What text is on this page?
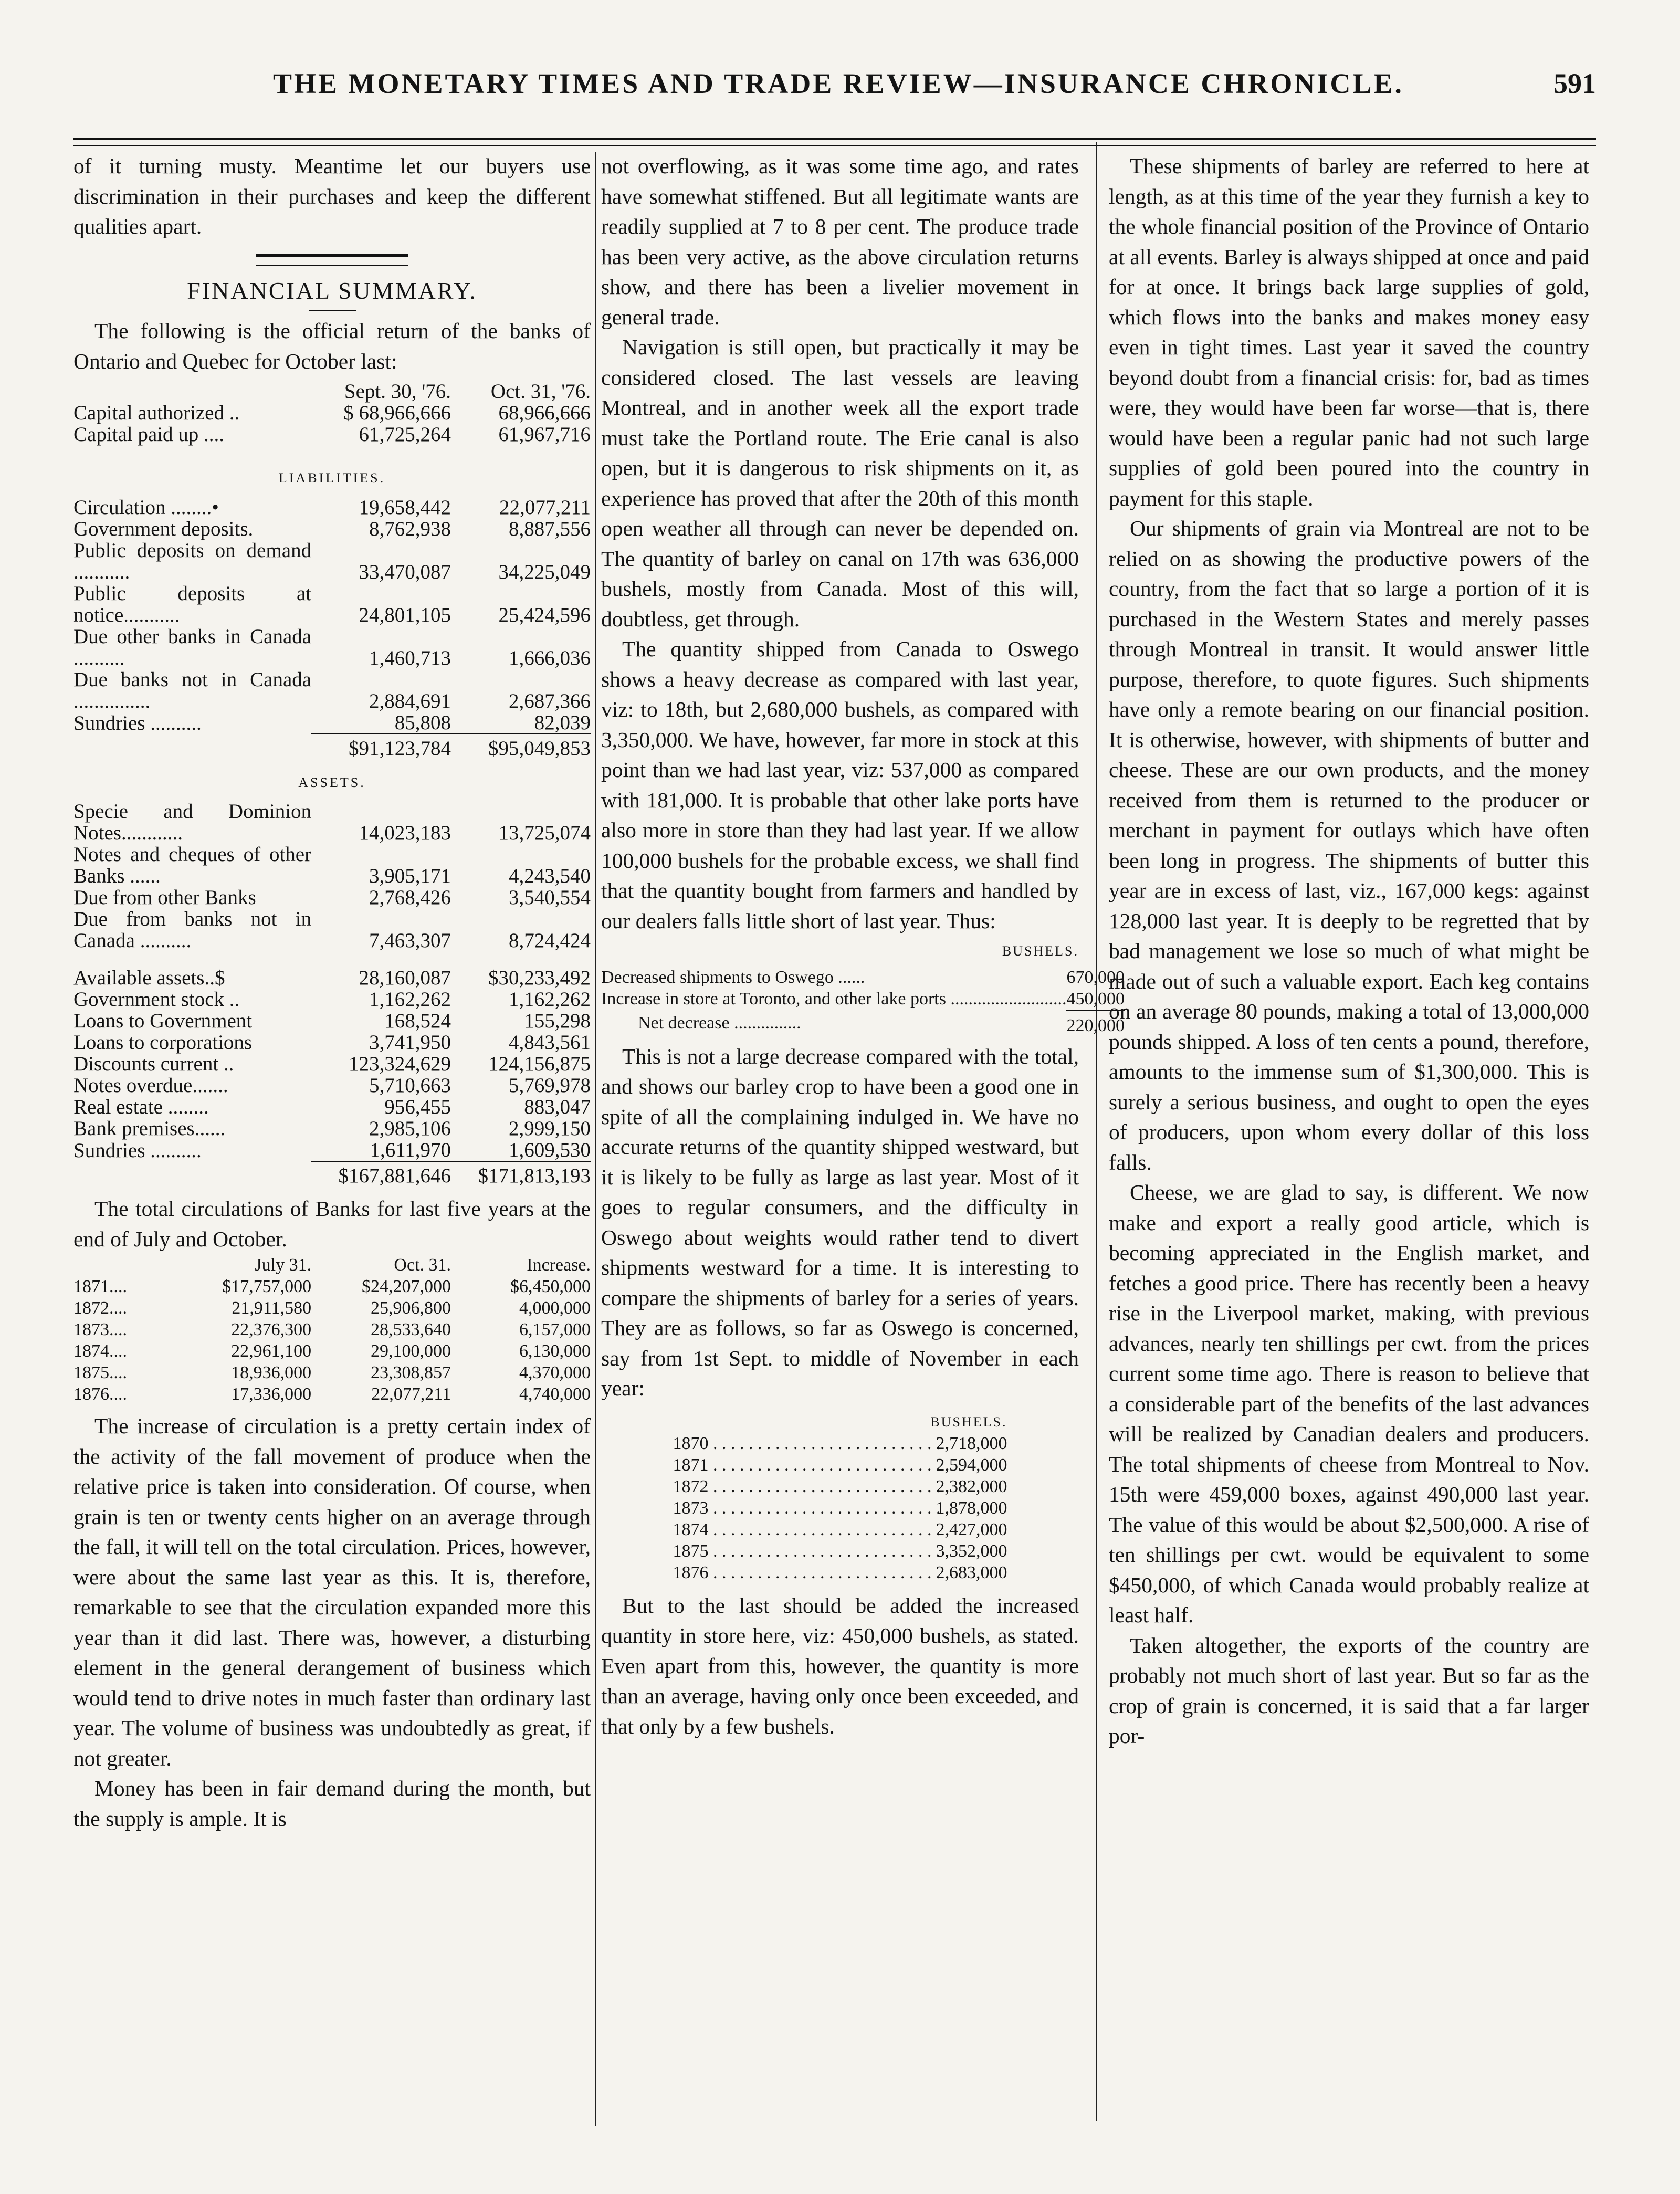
THE MONETARY TIMES AND TRADE REVIEW—INSURANCE CHRONICLE.	591

of it turning musty. Meantime let our buyers use discrimination in their purchases and keep the different qualities apart.

FINANCIAL SUMMARY.

The following is the official return of the banks of Ontario and Quebec for October last:

	Sept. 30, '76.	Oct. 31, '76.
Capital authorized ..	$ 68,966,666	68,966,666
Capital paid up ....	61,725,264	61,967,716
LIABILITIES.
Circulation ........•	19,658,442	22,077,211
Government deposits.	8,762,938	8,887,556
Public deposits on demand ...........	33,470,087	34,225,049
Public deposits at notice...........	24,801,105	25,424,596
Due other banks in Canada ..........	1,460,713	1,666,036
Due banks not in Canada ...............	2,884,691	2,687,366
Sundries ..........	85,808	82,039
	$91,123,784	$95,049,853
ASSETS.
Specie and Dominion Notes............	14,023,183	13,725,074
Notes and cheques of other Banks ......	3,905,171	4,243,540
Due from other Banks	2,768,426	3,540,554
Due from banks not in Canada ..........	7,463,307	8,724,424
Available assets..$	28,160,087	$30,233,492
Government stock ..	1,162,262	1,162,262
Loans to Government	168,524	155,298
Loans to corporations	3,741,950	4,843,561
Discounts current ..	123,324,629	124,156,875
Notes overdue.......	5,710,663	5,769,978
Real estate ........	956,455	883,047
Bank premises......	2,985,106	2,999,150
Sundries ..........	1,611,970	1,609,530
	$167,881,646	$171,813,193

The total circulations of Banks for last five years at the end of July and October.

	July 31.	Oct. 31.	Increase.
1871....	$17,757,000	$24,207,000	$6,450,000
1872....	21,911,580	25,906,800	4,000,000
1873....	22,376,300	28,533,640	6,157,000
1874....	22,961,100	29,100,000	6,130,000
1875....	18,936,000	23,308,857	4,370,000
1876....	17,336,000	22,077,211	4,740,000

The increase of circulation is a pretty certain index of the activity of the fall movement of produce when the relative price is taken into consideration. Of course, when grain is ten or twenty cents higher on an average through the fall, it will tell on the total circulation. Prices, however, were about the same last year as this. It is, therefore, remarkable to see that the circulation expanded more this year than it did last. There was, however, a disturbing element in the general derangement of business which would tend to drive notes in much faster than ordinary last year. The volume of business was undoubtedly as great, if not greater.

Money has been in fair demand during the month, but the supply is ample. It is

not overflowing, as it was some time ago, and rates have somewhat stiffened. But all legitimate wants are readily supplied at 7 to 8 per cent. The produce trade has been very active, as the above circulation returns show, and there has been a livelier movement in general trade.

Navigation is still open, but practically it may be considered closed. The last vessels are leaving Montreal, and in another week all the export trade must take the Portland route. The Erie canal is also open, but it is dangerous to risk shipments on it, as experience has proved that after the 20th of this month open weather all through can never be depended on. The quantity of barley on canal on 17th was 636,000 bushels, mostly from Canada. Most of this will, doubtless, get through.

The quantity shipped from Canada to Oswego shows a heavy decrease as compared with last year, viz: to 18th, but 2,680,000 bushels, as compared with 3,350,000. We have, however, far more in stock at this point than we had last year, viz: 537,000 as compared with 181,000. It is probable that other lake ports have also more in store than they had last year. If we allow 100,000 bushels for the probable excess, we shall find that the quantity bought from farmers and handled by our dealers falls little short of last year. Thus:

BUSHELS.
Decreased shipments to Oswego ......	670,000
Increase in store at Toronto, and other lake ports ..........................	450,000
Net decrease ...............	220,000

This is not a large decrease compared with the total, and shows our barley crop to have been a good one in spite of all the complaining indulged in. We have no accurate returns of the quantity shipped westward, but it is likely to be fully as large as last year. Most of it goes to regular consumers, and the difficulty in Oswego about weights would rather tend to divert shipments westward for a time. It is interesting to compare the shipments of barley for a series of years. They are as follows, so far as Oswego is concerned, say from 1st Sept. to middle of November in each year:

		BUSHELS.
1870	. . . . . . . . . . . . . . . . . . . . . . . . . . .	2,718,000
1871	. . . . . . . . . . . . . . . . . . . . . . . . . . .	2,594,000
1872	. . . . . . . . . . . . . . . . . . . . . . . . . . .	2,382,000
1873	. . . . . . . . . . . . . . . . . . . . . . . . . . .	1,878,000
1874	. . . . . . . . . . . . . . . . . . . . . . . . . . .	2,427,000
1875	. . . . . . . . . . . . . . . . . . . . . . . . . . .	3,352,000
1876	. . . . . . . . . . . . . . . . . . . . . . . . . . .	2,683,000

But to the last should be added the increased quantity in store here, viz: 450,000 bushels, as stated. Even apart from this, however, the quantity is more than an average, having only once been exceeded, and that only by a few bushels.

These shipments of barley are referred to here at length, as at this time of the year they furnish a key to the whole financial position of the Province of Ontario at all events. Barley is always shipped at once and paid for at once. It brings back large supplies of gold, which flows into the banks and makes money easy even in tight times. Last year it saved the country beyond doubt from a financial crisis: for, bad as times were, they would have been far worse—that is, there would have been a regular panic had not such large supplies of gold been poured into the country in payment for this staple.

Our shipments of grain via Montreal are not to be relied on as showing the productive powers of the country, from the fact that so large a portion of it is purchased in the Western States and merely passes through Montreal in transit. It would answer little purpose, therefore, to quote figures. Such shipments have only a remote bearing on our financial position. It is otherwise, however, with shipments of butter and cheese. These are our own products, and the money received from them is returned to the producer or merchant in payment for outlays which have often been long in progress. The shipments of butter this year are in excess of last, viz., 167,000 kegs: against 128,000 last year. It is deeply to be regretted that by bad management we lose so much of what might be made out of such a valuable export. Each keg contains on an average 80 pounds, making a total of 13,000,000 pounds shipped. A loss of ten cents a pound, therefore, amounts to the immense sum of $1,300,000. This is surely a serious business, and ought to open the eyes of producers, upon whom every dollar of this loss falls.

Cheese, we are glad to say, is different. We now make and export a really good article, which is becoming appreciated in the English market, and fetches a good price. There has recently been a heavy rise in the Liverpool market, making, with previous advances, nearly ten shillings per cwt. from the prices current some time ago. There is reason to believe that a considerable part of the benefits of the last advances will be realized by Canadian dealers and producers. The total shipments of cheese from Montreal to Nov. 15th were 459,000 boxes, against 490,000 last year. The value of this would be about $2,500,000. A rise of ten shillings per cwt. would be equivalent to some $450,000, of which Canada would probably realize at least half.

Taken altogether, the exports of the country are probably not much short of last year. But so far as the crop of grain is concerned, it is said that a far larger por-
